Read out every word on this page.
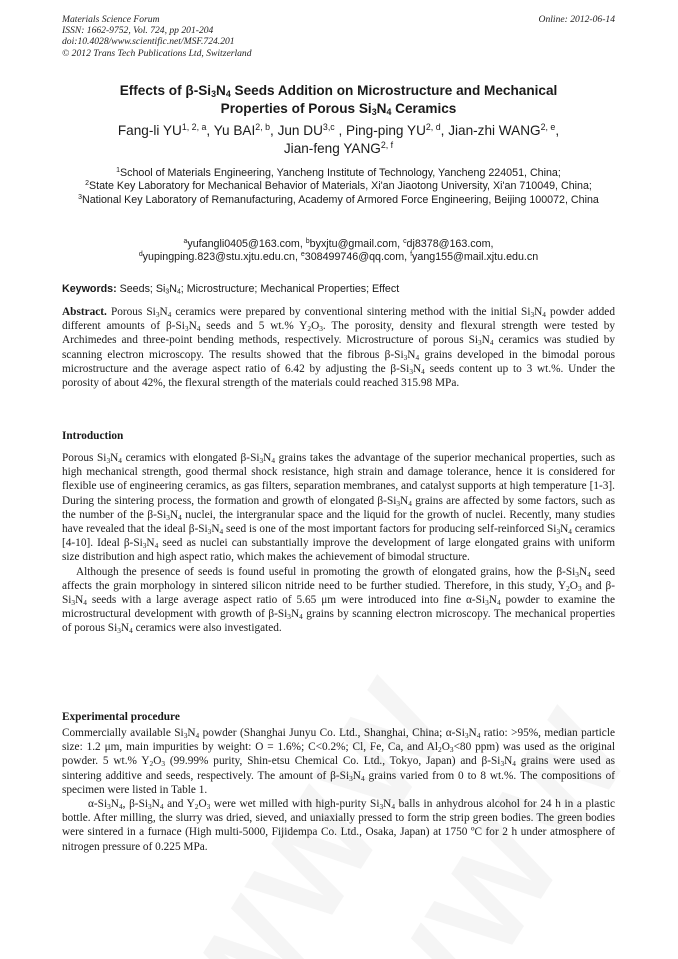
Materials Science Forum
ISSN: 1662-9752, Vol. 724, pp 201-204
doi:10.4028/www.scientific.net/MSF.724.201
© 2012 Trans Tech Publications Ltd, Switzerland
Online: 2012-06-14
Effects of $\beta-Si_3N_4$ Seeds Addition on Microstructure and Mechanical
Properties of Porous $Si_3N_4$ Ceramics
Fang-li YU$^{1, 2, a}$, Yu BAI$^{2, b}$, Jun DU$^{3,c}$ , Ping-ping YU$^{2, d}$, Jian-zhi WANG$^{2, e}$,
Jian-feng YANG$^{2, f}$
$^1$School of Materials Engineering, Yancheng Institute of Technology, Yancheng 224051, China;
$^2$State Key Laboratory for Mechanical Behavior of Materials, Xi'an Jiaotong University, Xi'an 710049, China;
$^3$National Key Laboratory of Remanufacturing, Academy of Armored Force Engineering, Beijing 100072, China
$^a$yufangli0405@163.com, $^b$byxjtu@gmail.com, $^c$dj8378@163.com,
$^d$yupingping.823@stu.xjtu.edu.cn, $^e$308499746@qq.com, $^f$yang155@mail.xjtu.edu.cn
Keywords: Seeds; $Si_3N_4$; Microstructure; Mechanical Properties; Effect

Abstract. Porous $Si_3N_4$ ceramics were prepared by conventional sintering method with the initial $Si_3N_4$ powder added different amounts of $\beta-Si_3N_4$ seeds and 5 wt.% $Y_2O_3$. The porosity, density and flexural strength were tested by Archimedes and three-point bending methods, respectively. Microstructure of porous $Si_3N_4$ ceramics was studied by scanning electron microscopy. The results showed that the fibrous $\beta-Si_3N_4$ grains developed in the bimodal porous microstructure and the average aspect ratio of 6.42 by adjusting the $\beta-Si_3N_4$ seeds content up to 3 wt.%. Under the porosity of about 42%, the flexural strength of the materials could reached 315.98 MPa.

Introduction

Porous $Si_3N_4$ ceramics with elongated $\beta-Si_3N_4$ grains takes the advantage of the superior mechanical properties, such as high mechanical strength, good thermal shock resistance, high strain and damage tolerance, hence it is considered for flexible use of engineering ceramics, as gas filters, separation membranes, and catalyst supports at high temperature [1-3]. During the sintering process, the formation and growth of elongated $\beta-Si_3N_4$ grains are affected by some factors, such as the number of the $\beta-Si_3N_4$ nuclei, the intergranular space and the liquid for the growth of nuclei. Recently, many studies have revealed that the ideal $\beta-Si_3N_4$ seed is one of the most important factors for producing self-reinforced $Si_3N_4$ ceramics [4-10]. Ideal $\beta-Si_3N_4$ seed as nuclei can substantially improve the development of large elongated grains with uniform size distribution and high aspect ratio, which makes the achievement of bimodal structure.

Although the presence of seeds is found useful in promoting the growth of elongated grains, how the $\beta-Si_3N_4$ seed affects the grain morphology in sintered silicon nitride need to be further studied. Therefore, in this study, $Y_2O_3$ and $\beta-Si_3N_4$ seeds with a large average aspect ratio of 5.65 μm were introduced into fine $\alpha-Si_3N_4$ powder to examine the microstructural development with growth of $\beta-Si_3N_4$ grains by scanning electron microscopy. The mechanical properties of porous $Si_3N_4$ ceramics were also investigated.

Experimental procedure

Commercially available $Si_3N_4$ powder (Shanghai Junyu Co. Ltd., Shanghai, China; $\alpha-Si_3N_4$ ratio: >95%, median particle size: 1.2 μm, main impurities by weight: O = 1.6%; C<0.2%; Cl, Fe, Ca, and $Al_2O_3<80$ ppm) was used as the original powder. 5 wt.% $Y_2O_3$ (99.99% purity, Shin-etsu Chemical Co. Ltd., Tokyo, Japan) and $\beta-Si_3N_4$ grains were used as sintering additive and seeds, respectively. The amount of $\beta-Si_3N_4$ grains varied from 0 to 8 wt.%. The compositions of specimen were listed in Table 1.

$\alpha-Si_3N_4$, $\beta-Si_3N_4$ and $Y_2O_3$ were wet milled with high-purity $Si_3N_4$ balls in anhydrous alcohol for 24 h in a plastic bottle. After milling, the slurry was dried, sieved, and uniaxially pressed to form the strip green bodies. The green bodies were sintered in a furnace (High multi-5000, Fijidempa Co. Ltd., Osaka, Japan) at 1750 ºC for 2 h under atmosphere of nitrogen pressure of 0.225 MPa.
